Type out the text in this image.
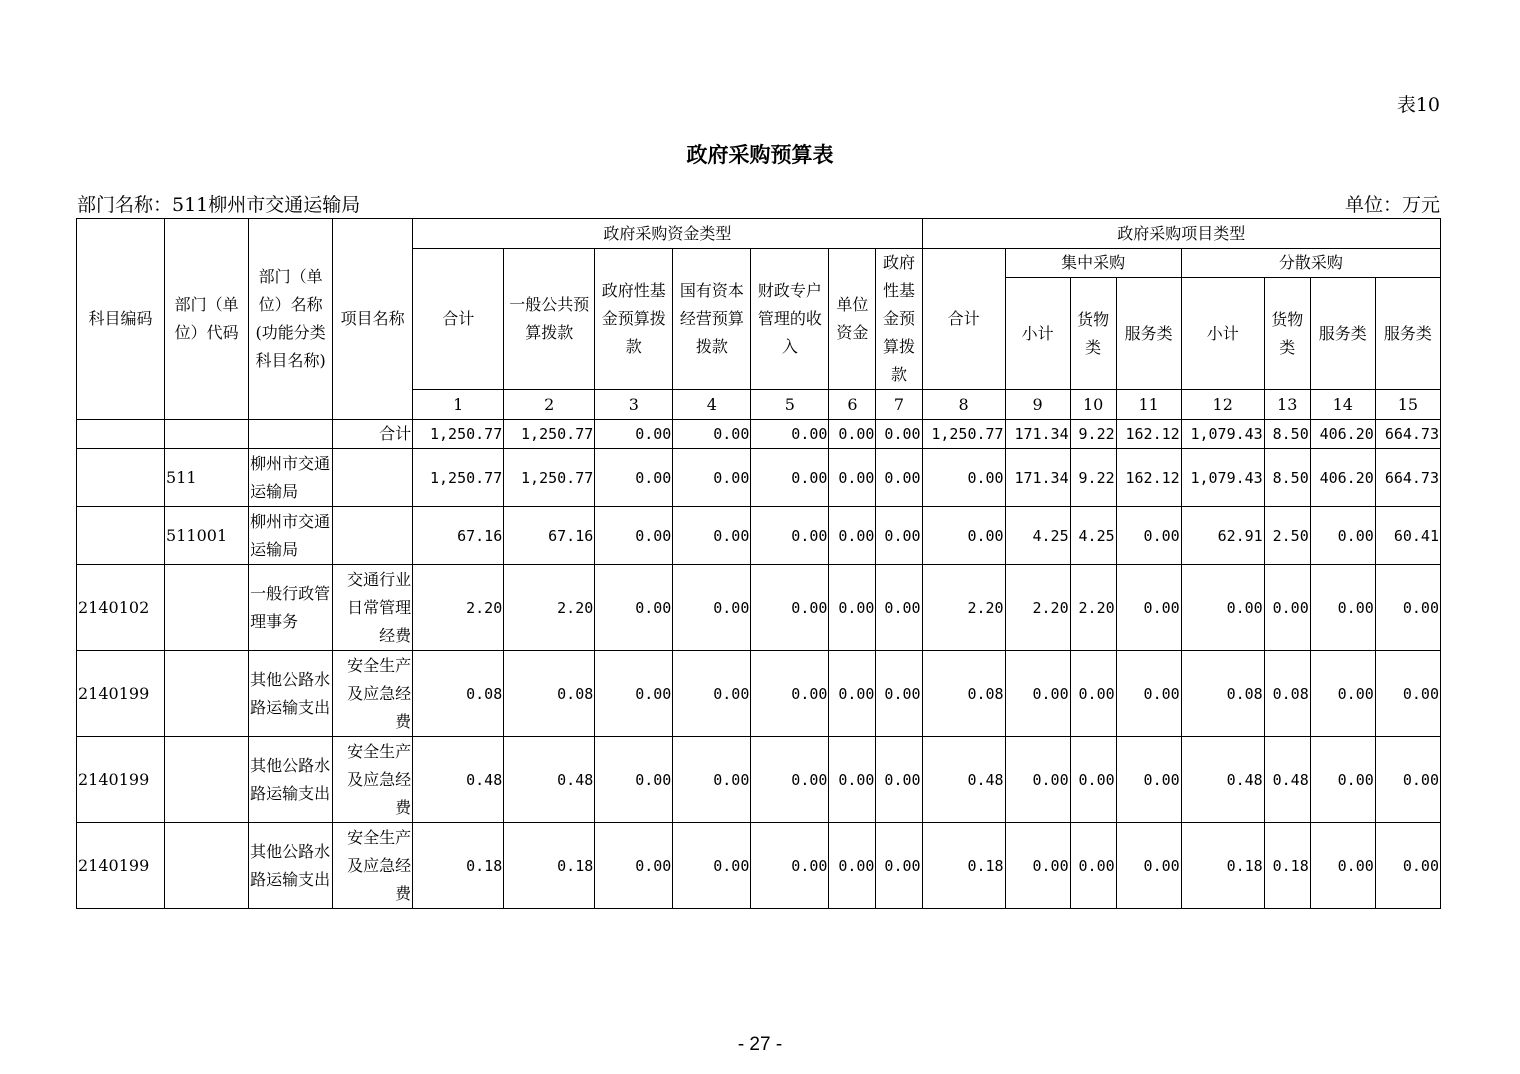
表10
政府采购预算表
部门名称：511柳州市交通运输局	单位：万元
科目编码	部门（单位）代码	部门（单位）名称(功能分类科目名称)	项目名称	政府采购资金类型							政府采购项目类型							
				合计	一般公共预算拨款	政府性基金预算拨款	国有资本经营预算拨款	财政专户管理的收入	单位资金	政府性基金预算拨款	合计	集中采购			分散采购			
												小计	货物类	服务类	小计	货物类	服务类	服务类
				1	2	3	4	5	6	7	8	9	10	11	12	13	14	15
			合计	1,250.77	1,250.77	0.00	0.00	0.00	0.00	0.00	1,250.77	171.34	9.22	162.12	1,079.43	8.50	406.20	664.73
	511	柳州市交通运输局		1,250.77	1,250.77	0.00	0.00	0.00	0.00	0.00	0.00	171.34	9.22	162.12	1,079.43	8.50	406.20	664.73
	511001	柳州市交通运输局		67.16	67.16	0.00	0.00	0.00	0.00	0.00	0.00	4.25	4.25	0.00	62.91	2.50	0.00	60.41
2140102		一般行政管理事务	交通行业日常管理经费	2.20	2.20	0.00	0.00	0.00	0.00	0.00	2.20	2.20	2.20	0.00	0.00	0.00	0.00	0.00
2140199		其他公路水路运输支出	安全生产及应急经费	0.08	0.08	0.00	0.00	0.00	0.00	0.00	0.08	0.00	0.00	0.00	0.08	0.08	0.00	0.00
2140199		其他公路水路运输支出	安全生产及应急经费	0.48	0.48	0.00	0.00	0.00	0.00	0.00	0.48	0.00	0.00	0.00	0.48	0.48	0.00	0.00
2140199		其他公路水路运输支出	安全生产及应急经费	0.18	0.18	0.00	0.00	0.00	0.00	0.00	0.18	0.00	0.00	0.00	0.18	0.18	0.00	0.00
- 27 -
